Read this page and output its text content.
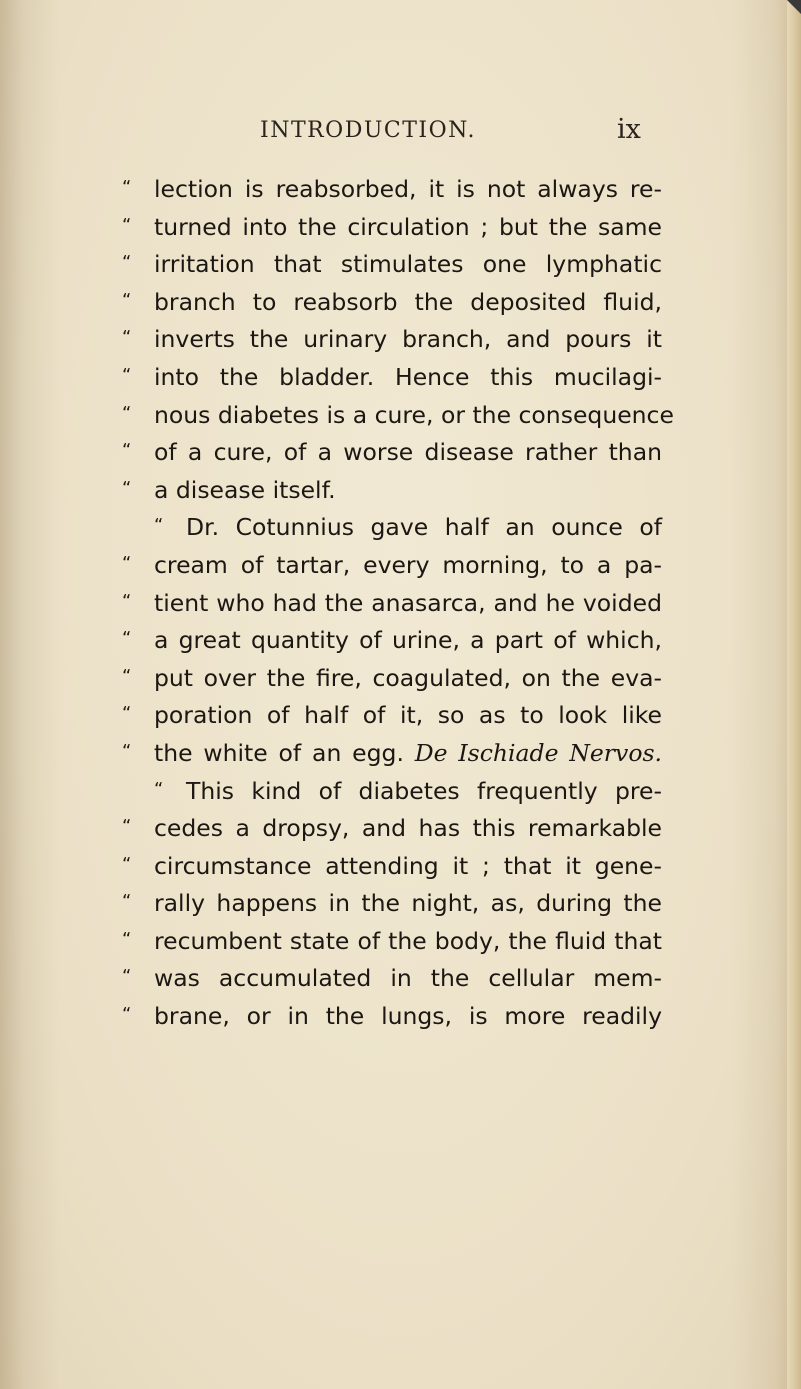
INTRODUCTION.	ix
“ lection is reabsorbed, it is not always re-
“ turned into the circulation ; but the same
“ irritation that stimulates one lymphatic
“ branch to reabsorb the deposited fluid,
“ inverts the urinary branch, and pours it
“ into the bladder. Hence this mucilagi-
“ nous diabetes is a cure, or the consequence
“ of a cure, of a worse disease rather than
“ a disease itself.
“ Dr. Cotunnius gave half an ounce of
“ cream of tartar, every morning, to a pa-
“ tient who had the anasarca, and he voided
“ a great quantity of urine, a part of which,
“ put over the fire, coagulated, on the eva-
“ poration of half of it, so as to look like
“ the white of an egg. De Ischiade Nervos.
“ This kind of diabetes frequently pre-
“ cedes a dropsy, and has this remarkable
“ circumstance attending it ; that it gene-
“ rally happens in the night, as, during the
“ recumbent state of the body, the fluid that
“ was accumulated in the cellular mem-
“ brane, or in the lungs, is more readily
